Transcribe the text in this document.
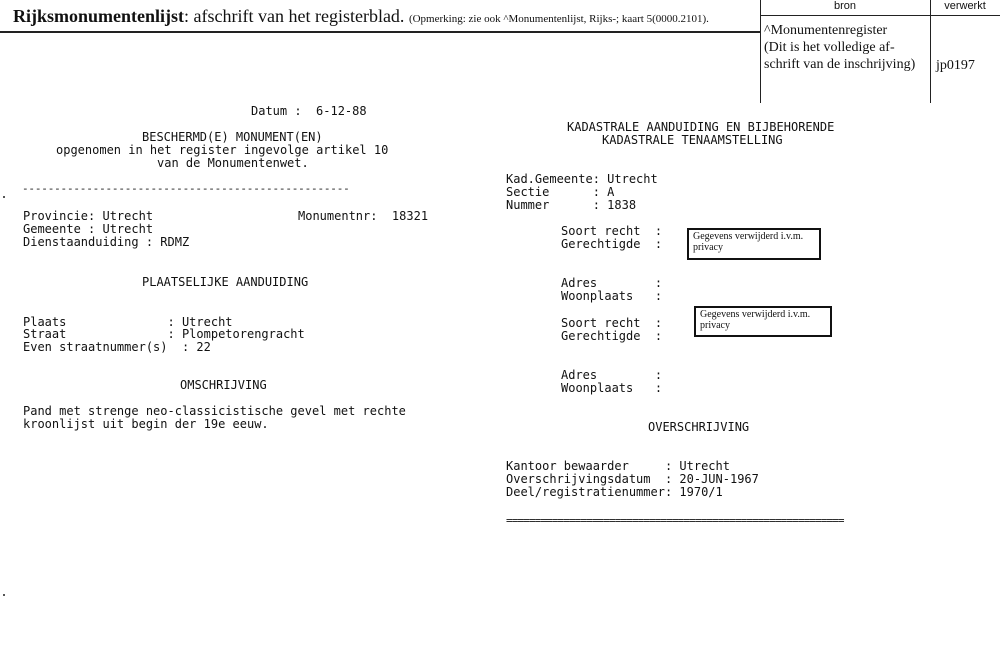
Rijksmonumentenlijst: afschrift van het registerblad. (Opmerking: zie ook ^Monumentenlijst, Rijks-; kaart 5(0000.2101).
bron	verwerkt
^Monumentenregister
(Dit is het volledige af-
schrift van de inschrijving) jp0197
Datum :  6-12-88
BESCHERMD(E) MONUMENT(EN)
opgenomen in het register ingevolge artikel 10
van de Monumentenwet.
---------------------------------------------------
Provincie: Utrecht	Monumentnr:  18321
Gemeente : Utrecht
Dienstaanduiding : RDMZ
PLAATSELIJKE AANDUIDING
Plaats              : Utrecht
Straat              : Plompetorengracht
Even straatnummer(s)  : 22
OMSCHRIJVING
Pand met strenge neo-classicistische gevel met rechte
kroonlijst uit begin der 19e eeuw.
KADASTRALE AANDUIDING EN BIJBEHORENDE
KADASTRALE TENAAMSTELLING
Kad.Gemeente: Utrecht
Sectie      : A
Nummer      : 1838
Soort recht  :
Gerechtigde  :
Gegevens verwijderd i.v.m. privacy
Adres        :
Woonplaats   :
Soort recht  :
Gerechtigde  :
Gegevens verwijderd i.v.m. privacy
Adres        :
Woonplaats   :
OVERSCHRIJVING
Kantoor bewaarder     : Utrecht
Overschrijvingsdatum  : 20-JUN-1967
Deel/registratienummer: 1970/1
===========================================================
